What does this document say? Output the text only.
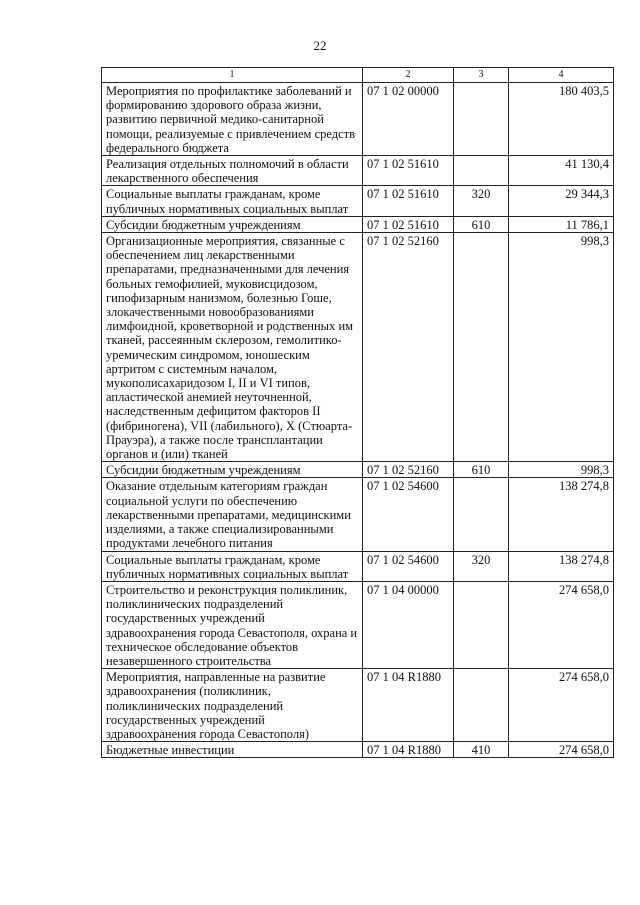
22
1	2	3	4
Мероприятия по профилактике заболеваний и формированию здорового образа жизни, развитию первичной медико-санитарной помощи, реализуемые с привлечением средств федерального бюджета	07 1 02 00000		180 403,5
Реализация отдельных полномочий в области лекарственного обеспечения	07 1 02 51610		41 130,4
Социальные выплаты гражданам, кроме публичных нормативных социальных выплат	07 1 02 51610	320	29 344,3
Субсидии бюджетным учреждениям	07 1 02 51610	610	11 786,1
Организационные мероприятия, связанные с обеспечением лиц лекарственными препаратами, предназначенными для лечения больных гемофилией, муковисцидозом, гипофизарным нанизмом, болезнью Гоше, злокачественными новообразованиями лимфоидной, кроветворной и родственных им тканей, рассеянным склерозом, гемолитико-уремическим синдромом, юношеским артритом с системным началом, мукополисахаридозом I, II и VI типов, апластической анемией неуточненной, наследственным дефицитом факторов II (фибриногена), VII (лабильного), X (Стюарта-Прауэра), а также после трансплантации органов и (или) тканей	07 1 02 52160		998,3
Субсидии бюджетным учреждениям	07 1 02 52160	610	998,3
Оказание отдельным категориям граждан социальной услуги по обеспечению лекарственными препаратами, медицинскими изделиями, а также специализированными продуктами лечебного питания	07 1 02 54600		138 274,8
Социальные выплаты гражданам, кроме публичных нормативных социальных выплат	07 1 02 54600	320	138 274,8
Строительство и реконструкция поликлиник, поликлинических подразделений государственных учреждений здравоохранения города Севастополя, охрана и техническое обследование объектов незавершенного строительства	07 1 04 00000		274 658,0
Мероприятия, направленные на развитие здравоохранения (поликлиник, поликлинических подразделений государственных учреждений здравоохранения города Севастополя)	07 1 04 R1880		274 658,0
Бюджетные инвестиции	07 1 04 R1880	410	274 658,0
